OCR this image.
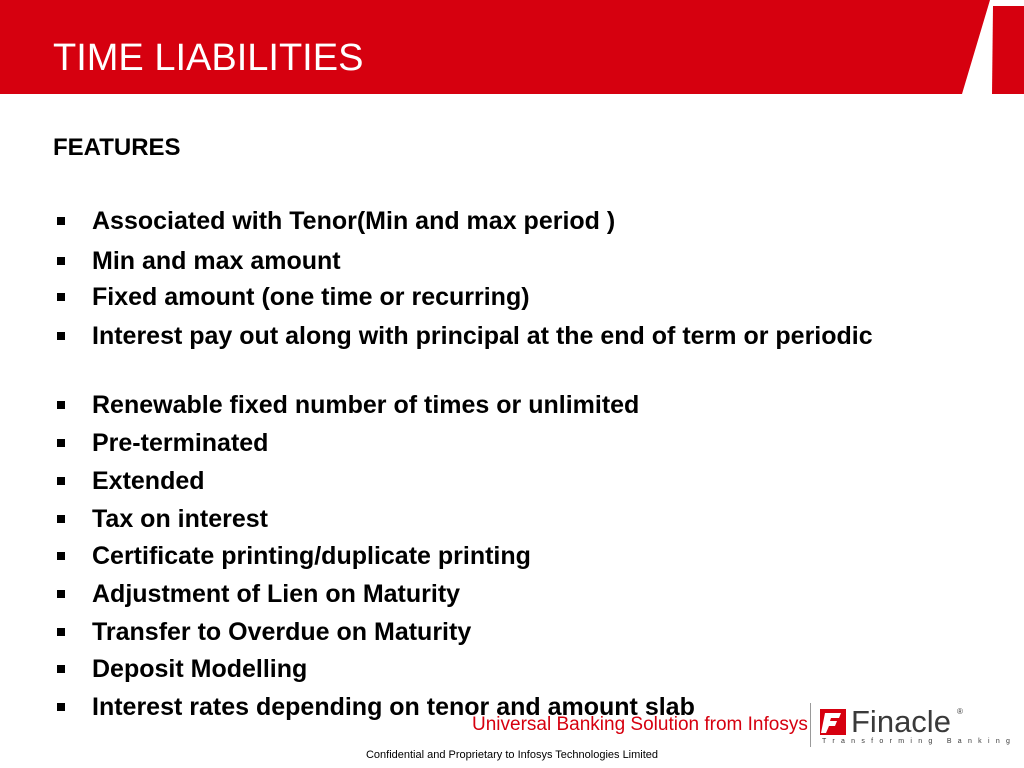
TIME LIABILITIES
FEATURES
Associated with Tenor(Min and max period )
Min and max amount
Fixed amount (one time or recurring)
Interest pay out along with principal at the end of term or periodic
Renewable fixed number of times or unlimited
Pre-terminated
Extended
Tax on interest
Certificate printing/duplicate printing
Adjustment of Lien on Maturity
Transfer to Overdue on Maturity
Deposit Modelling
Interest rates depending on tenor and amount slab
Universal Banking Solution from Infosys Finacle ®
Transforming Banking
Confidential and Proprietary to Infosys Technologies Limited
